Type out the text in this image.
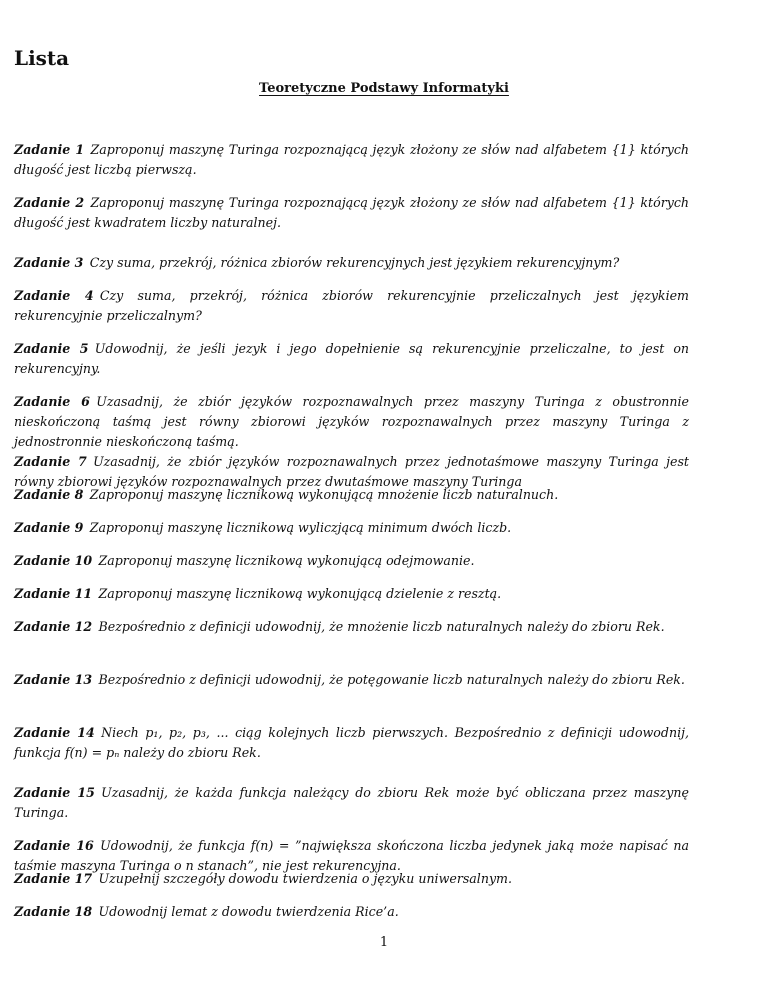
Lista
Teoretyczne Podstawy Informatyki
Zadanie 1  Zaproponuj maszynę Turinga rozpoznającą język złożony ze słów nad alfabetem {1} których długość jest liczbą pierwszą.
Zadanie 2  Zaproponuj maszynę Turinga rozpoznającą język złożony ze słów nad alfabetem {1} których długość jest kwadratem liczby naturalnej.
Zadanie 3  Czy suma, przekrój, różnica zbiorów rekurencyjnych jest językiem rekurencyjnym?
Zadanie 4  Czy suma, przekrój, różnica zbiorów rekurencyjnie przeliczalnych jest językiem rekurencyjnie przeliczalnym?
Zadanie 5  Udowodnij, że jeśli jezyk i jego dopełnienie są rekurencyjnie przeliczalne, to jest on rekurencyjny.
Zadanie 6  Uzasadnij, że zbiór języków rozpoznawalnych przez maszyny Turinga z obustronnie nieskończoną taśmą jest równy zbiorowi języków rozpoznawalnych przez maszyny Turinga z jednostronnie nieskończoną taśmą.
Zadanie 7  Uzasadnij, że zbiór języków rozpoznawalnych przez jednotaśmowe maszyny Turinga jest równy zbiorowi języków rozpoznawalnych przez dwutaśmowe maszyny Turinga
Zadanie 8  Zaproponuj maszynę licznikową wykonującą mnożenie liczb naturalnuch.
Zadanie 9  Zaproponuj maszynę licznikową wyliczjącą minimum dwóch liczb.
Zadanie 10  Zaproponuj maszynę licznikową wykonującą odejmowanie.
Zadanie 11  Zaproponuj maszynę licznikową wykonującą dzielenie z resztą.
Zadanie 12  Bezpośrednio z definicji udowodnij, że mnożenie liczb naturalnych należy do zbioru Rek.
Zadanie 13  Bezpośrednio z definicji udowodnij, że potęgowanie liczb naturalnych należy do zbioru Rek.
Zadanie 14  Niech p₁, p₂, p₃, ... ciąg kolejnych liczb pierwszych. Bezpośrednio z definicji udowodnij, funkcja f(n) = pₙ należy do zbioru Rek.
Zadanie 15  Uzasadnij, że każda funkcja należący do zbioru Rek może być obliczana przez maszynę Turinga.
Zadanie 16  Udowodnij, że funkcja f(n) = ”największa skończona liczba jedynek jaką może napisać na taśmie maszyna Turinga o n stanach”, nie jest rekurencyjna.
Zadanie 17  Uzupełnij szczegóły dowodu twierdzenia o języku uniwersalnym.
Zadanie 18  Udowodnij lemat z dowodu twierdzenia Rice’a.
1
